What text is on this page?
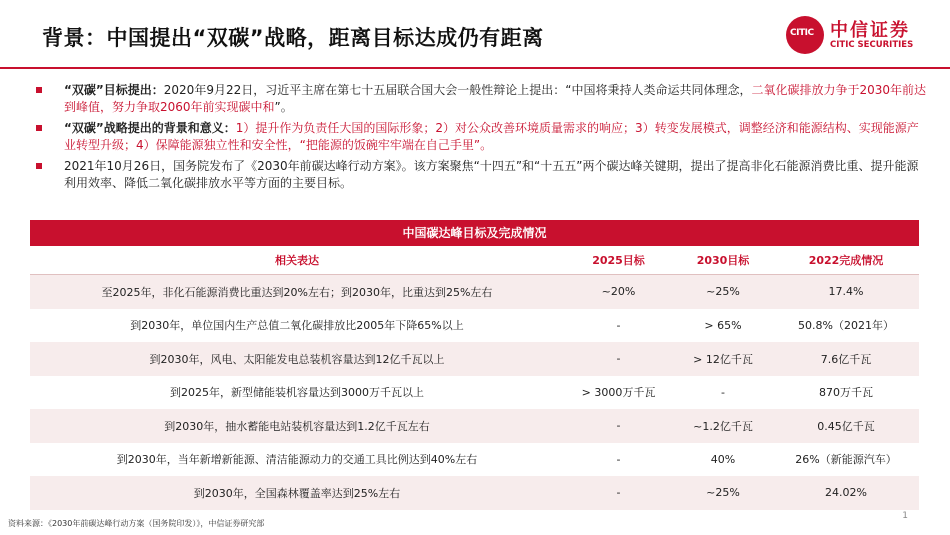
背景：中国提出“双碳”战略，距离目标达成仍有距离	CITIC 中信证券
CITIC SECURITIES
“双碳”目标提出：2020年9月22日，习近平主席在第七十五届联合国大会一般性辩论上提出：“中国将秉持人类命运共同体理念，二氧化碳排放力争于2030年前达到峰值，努力争取2060年前实现碳中和”。
“双碳”战略提出的背景和意义：1）提升作为负责任大国的国际形象；2）对公众改善环境质量需求的响应；3）转变发展模式，调整经济和能源结构、实现能源产业转型升级；4）保障能源独立性和安全性，“把能源的饭碗牢牢端在自己手里”。
2021年10月26日，国务院发布了《2030年前碳达峰行动方案》。该方案聚焦“十四五”和“十五五”两个碳达峰关键期，提出了提高非化石能源消费比重、提升能源利用效率、降低二氧化碳排放水平等方面的主要目标。
中国碳达峰目标及完成情况
相关表达	2025目标	2030目标	2022完成情况
至2025年，非化石能源消费比重达到20%左右；到2030年，比重达到25%左右	~20%	~25%	17.4%
到2030年，单位国内生产总值二氧化碳排放比2005年下降65%以上	-	> 65%	50.8%（2021年）
到2030年，风电、太阳能发电总装机容量达到12亿千瓦以上	-	> 12亿千瓦	7.6亿千瓦
到2025年，新型储能装机容量达到3000万千瓦以上	> 3000万千瓦	-	870万千瓦
到2030年，抽水蓄能电站装机容量达到1.2亿千瓦左右	-	~1.2亿千瓦	0.45亿千瓦
到2030年，当年新增新能源、清洁能源动力的交通工具比例达到40%左右	-	40%	26%（新能源汽车）
到2030年，全国森林覆盖率达到25%左右	-	~25%	24.02%
资料来源：《2030年前碳达峰行动方案（国务院印发）》，中信证券研究部
1
